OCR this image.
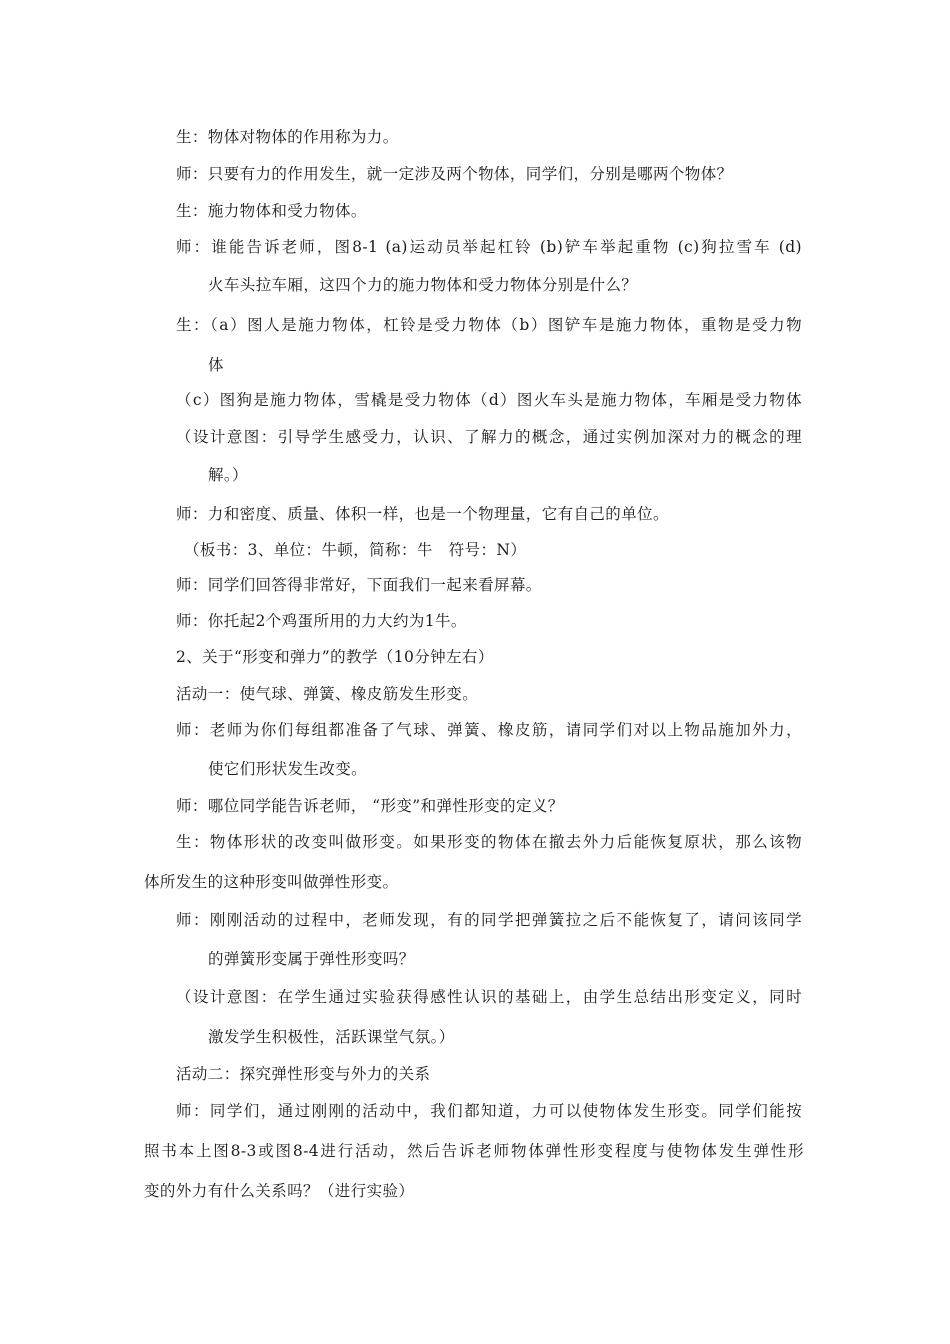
生：物体对物体的作用称为力。
师：只要有力的作用发生，就一定涉及两个物体，同学们，分别是哪两个物体？
生：施力物体和受力物体。
师：谁能告诉老师，图8-1 (a)运动员举起杠铃 (b)铲车举起重物 (c)狗拉雪车 (d)
火车头拉车厢，这四个力的施力物体和受力物体分别是什么？
生：（a）图人是施力物体，杠铃是受力物体（b）图铲车是施力物体，重物是受力物
体
（c）图狗是施力物体，雪橇是受力物体（d）图火车头是施力物体，车厢是受力物体
（设计意图：引导学生感受力，认识、了解力的概念，通过实例加深对力的概念的理
解。）
师：力和密度、质量、体积一样，也是一个物理量，它有自己的单位。
（板书：3、单位：牛顿，简称：牛　符号：N）
师：同学们回答得非常好，下面我们一起来看屏幕。
师：你托起2个鸡蛋所用的力大约为1牛。
2、关于“形变和弹力”的教学（10分钟左右）
活动一：使气球、弹簧、橡皮筋发生形变。
师：老师为你们每组都准备了气球、弹簧、橡皮筋，请同学们对以上物品施加外力，
使它们形状发生改变。
师：哪位同学能告诉老师， “形变”和弹性形变的定义？
生：物体形状的改变叫做形变。如果形变的物体在撤去外力后能恢复原状，那么该物
体所发生的这种形变叫做弹性形变。
师：刚刚活动的过程中，老师发现，有的同学把弹簧拉之后不能恢复了，请问该同学
的弹簧形变属于弹性形变吗？
（设计意图：在学生通过实验获得感性认识的基础上，由学生总结出形变定义，同时
激发学生积极性，活跃课堂气氛。）
活动二：探究弹性形变与外力的关系
师：同学们，通过刚刚的活动中，我们都知道，力可以使物体发生形变。同学们能按
照书本上图8-3或图8-4进行活动，然后告诉老师物体弹性形变程度与使物体发生弹性形
变的外力有什么关系吗？（进行实验）
